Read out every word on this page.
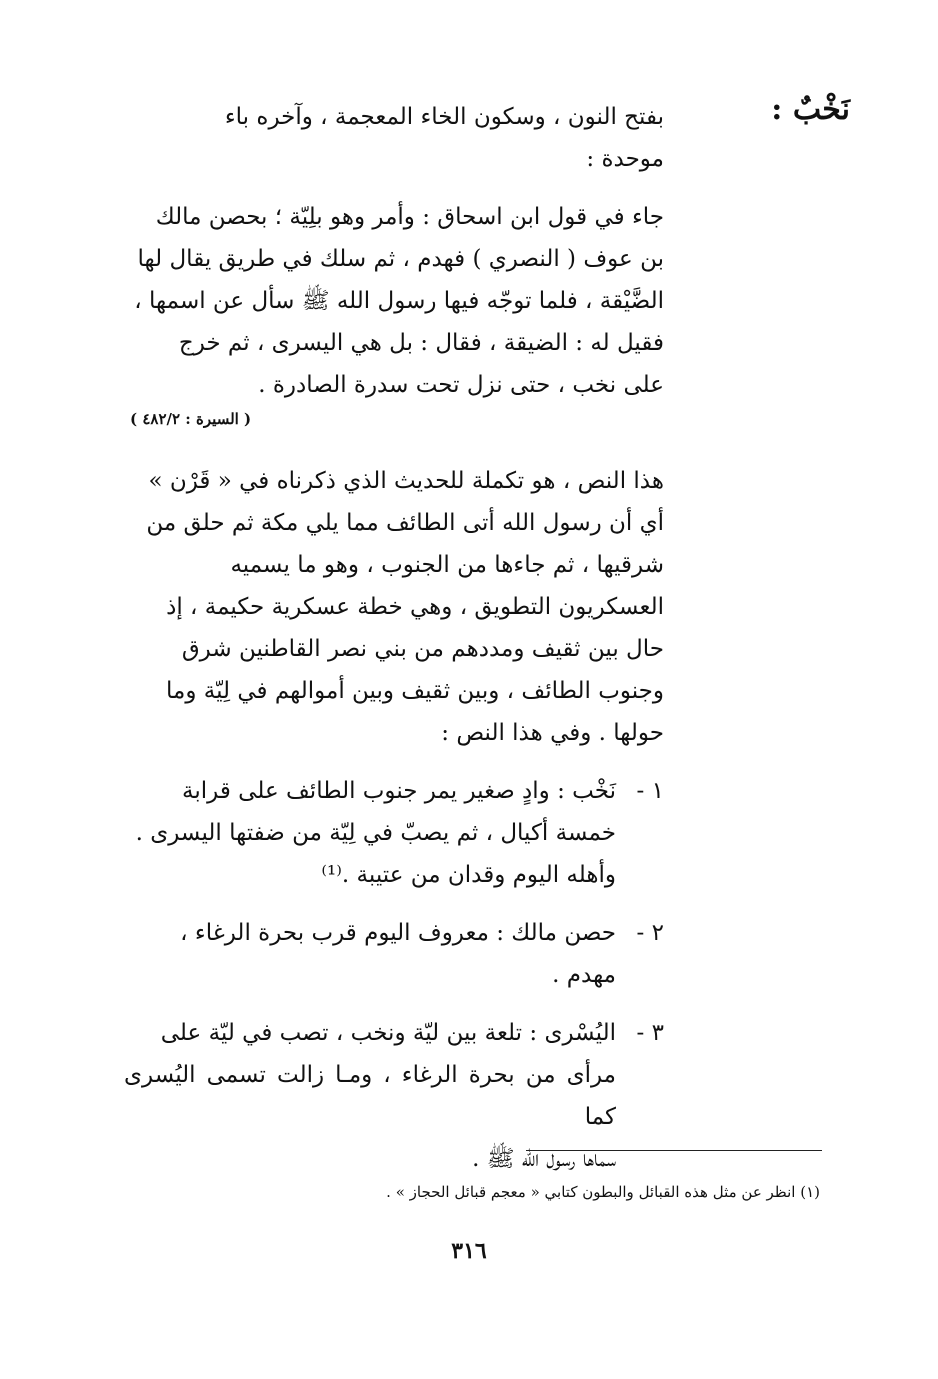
نَخْبٌ :

بفتح النون ، وسكون الخاء المعجمة ، وآخره باء

موحدة :

جاء في قول ابن اسحاق : وأمر وهو بلِيّة ؛ بحصن مالك

بن عوف ( النصري ) فهدم ، ثم سلك في طريق يقال لها

الضَّيْقة ، فلما توجّه فيها رسول الله ﷺ سأل عن اسمها ،

فقيل له : الضيقة ، فقال : بل هي اليسرى ، ثم خرج

على نخب ، حتى نزل تحت سدرة الصادرة .

( السيرة : ٤٨٢/٢ )

هذا النص ، هو تكملة للحديث الذي ذكرناه في « قَرْن »

أي أن رسول الله أتى الطائف مما يلي مكة ثم حلق من

شرقيها ، ثم جاءها من الجنوب ، وهو ما يسميه

العسكريون التطويق ، وهي خطة عسكرية حكيمة ، إذ

حال بين ثقيف ومددهم من بني نصر القاطنين شرق

وجنوب الطائف ، وبين ثقيف وبين أموالهم في لِيّة وما

حولها . وفي هذا النص :

١ -

نَخْب : وادٍ صغير يمر جنوب الطائف على قرابة

خمسة أكيال ، ثم يصبّ في لِيّة من ضفتها اليسرى .

وأهله اليوم وقدان من عتيبة .⁽¹⁾

٢ -

حصن مالك : معروف اليوم قرب بحرة الرغاء ،

مهدم .

٣ -

اليُسْرى : تلعة بين ليّة ونخب ، تصب في ليّة على

مرأى من بحرة الرغاء ، ومـا زالت تسمى اليُسرى كما

سماها رسول الله ﷺ .

(١) انظر عن مثل هذه القبائل والبطون كتابي « معجم قبائل الحجاز » .
٣١٦
